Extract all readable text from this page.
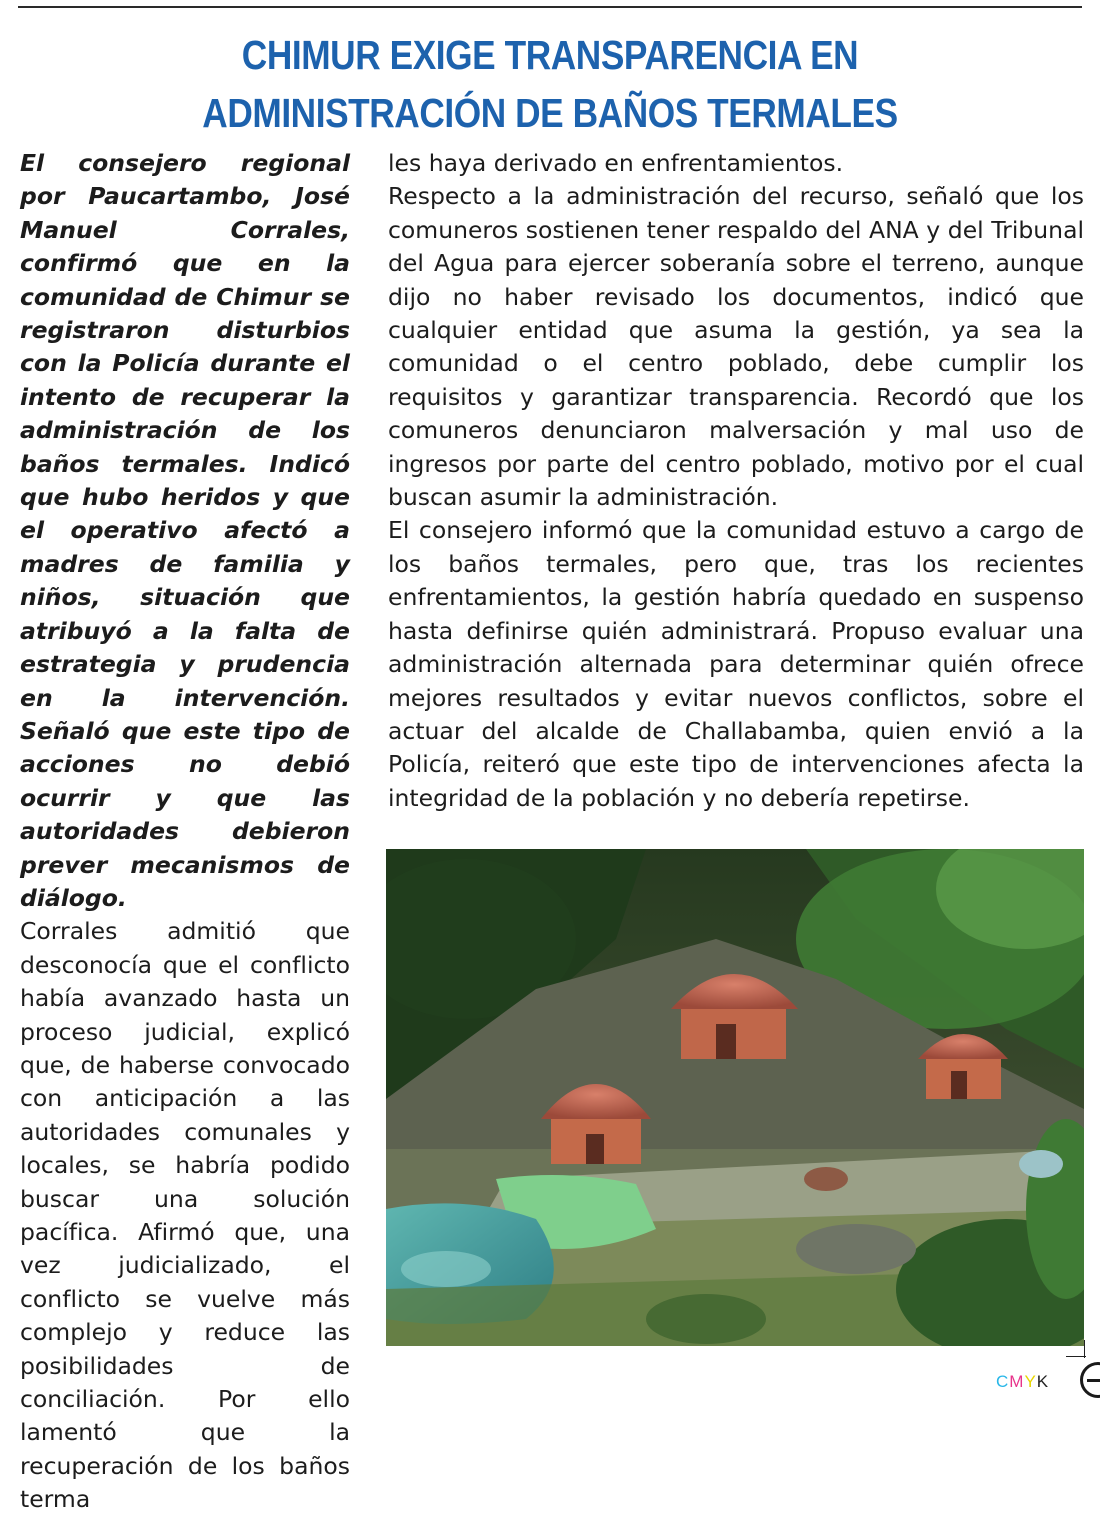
CHIMUR EXIGE TRANSPARENCIA EN
ADMINISTRACIÓN DE BAÑOS TERMALES

El consejero regional por Paucartambo, José Manuel Corrales, confirmó que en la comunidad de Chimur se registraron disturbios con la Policía durante el intento de recuperar la administración de los baños termales. Indicó que hubo heridos y que el operativo afectó a madres de familia y niños, situación que atribuyó a la falta de estrategia y prudencia en la intervención. Señaló que este tipo de acciones no debió ocurrir y que las autoridades debieron prever mecanismos de diálogo.

Corrales admitió que desconocía que el conflicto había avanzado hasta un proceso judicial, explicó que, de haberse convocado con anticipación a las autoridades comunales y locales, se habría podido buscar una solución pacífica. Afirmó que, una vez judicializado, el conflicto se vuelve más complejo y reduce las posibilidades de conciliación. Por ello lamentó que la recuperación de los baños terma

les haya derivado en enfrentamientos.

Respecto a la administración del recurso, señaló que los comuneros sostienen tener respaldo del ANA y del Tribunal del Agua para ejercer soberanía sobre el terreno, aunque dijo no haber revisado los documentos, indicó que cualquier entidad que asuma la gestión, ya sea la comunidad o el centro poblado, debe cumplir los requisitos y garantizar transparencia. Recordó que los comuneros denunciaron malversación y mal uso de ingresos por parte del centro poblado, motivo por el cual buscan asumir la administración.

El consejero informó que la comunidad estuvo a cargo de los baños termales, pero que, tras los recientes enfrentamientos, la gestión habría quedado en suspenso hasta definirse quién administrará. Propuso evaluar una administración alternada para determinar quién ofrece mejores resultados y evitar nuevos conflictos, sobre el actuar del alcalde de Challabamba, quien envió a la Policía, reiteró que este tipo de intervenciones afecta la integridad de la población y no debería repetirse.

CMYK
